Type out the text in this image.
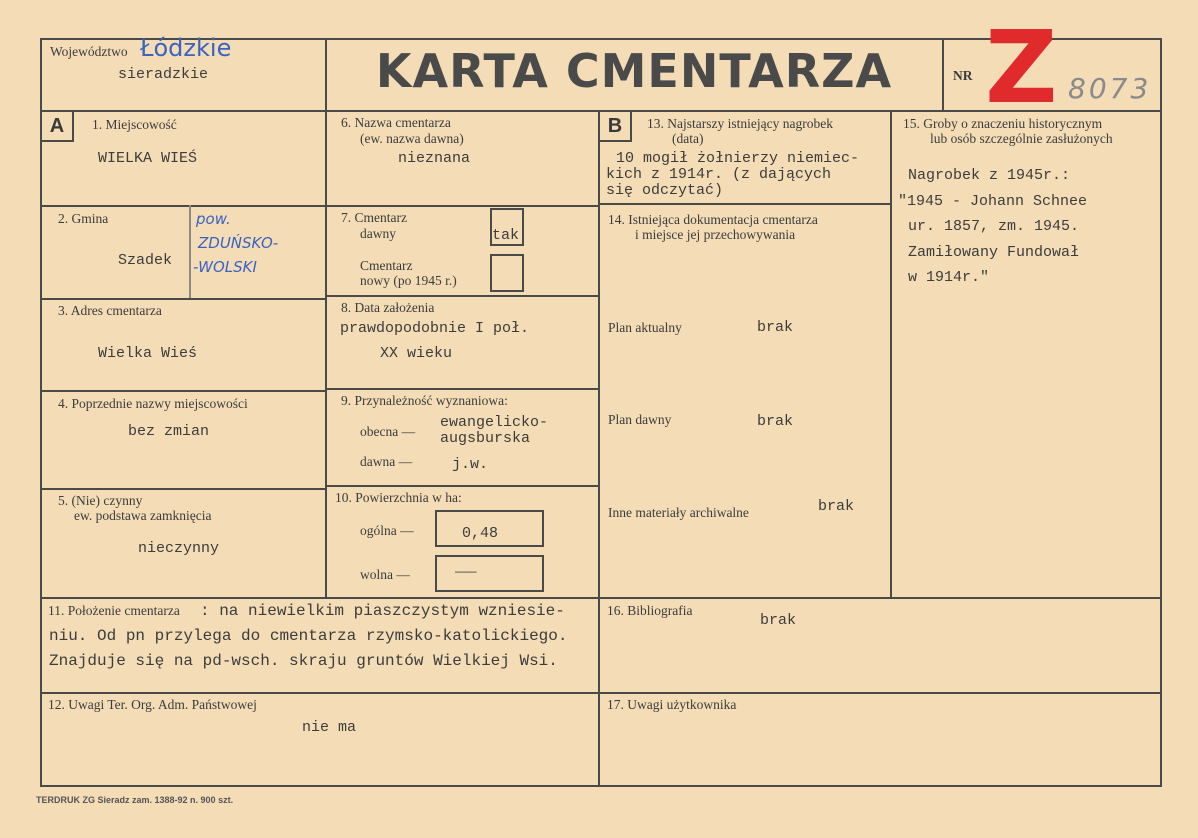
Województwo Łódzkie
sieradzkie	KARTA CMENTARZA	NR Z 8073
A	1. Miejscowość
WIELKA WIEŚ
2. Gmina
Szadek
pow.
ZDUŃSKO-
-WOLSKI
3. Adres cmentarza
Wielka Wieś
4. Poprzednie nazwy miejscowości
bez zmian
5. (Nie) czynny
ew. podstawa zamknięcia
nieczynny
6. Nazwa cmentarza
(ew. nazwa dawna)
nieznana
7. Cmentarz
dawny	tak
Cmentarz
nowy (po 1945 r.)
8. Data założenia
prawdopodobnie I poł.
XX wieku
9. Przynależność wyznaniowa:
obecna —
ewangelicko-
augsburska
dawna —	j.w.
10. Powierzchnia w ha:
ogólna —	0,48
wolna —	———
B	13. Najstarszy istniejący nagrobek
(data)
10 mogił żołnierzy niemiec-
kich z 1914r. (z dających
się odczytać)
14. Istniejąca dokumentacja cmentarza
i miejsce jej przechowywania
Plan aktualny	brak
Plan dawny	brak
Inne materiały archiwalne	brak
15. Groby o znaczeniu historycznym
lub osób szczególnie zasłużonych
Nagrobek z 1945r.:
"1945 - Johann Schnee
ur. 1857, zm. 1945.
Zamiłowany Fundował
w 1914r."
11. Położenie cmentarza : na niewielkim piaszczystym wzniesie-
niu. Od pn przylega do cmentarza rzymsko-katolickiego.
Znajduje się na pd-wsch. skraju gruntów Wielkiej Wsi.
16. Bibliografia
brak
12. Uwagi Ter. Org. Adm. Państwowej
nie ma
17. Uwagi użytkownika
TERDRUK ZG Sieradz zam. 1388-92 n. 900 szt.
